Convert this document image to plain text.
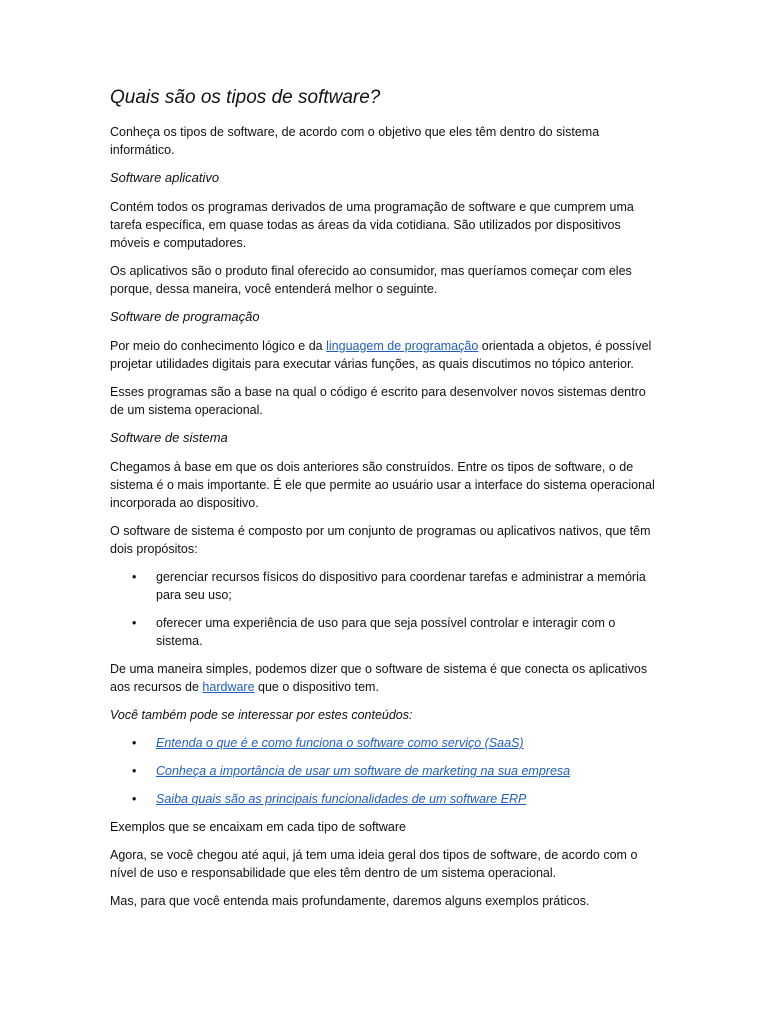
Quais são os tipos de software?

Conheça os tipos de software, de acordo com o objetivo que eles têm dentro do sistema informático.

Software aplicativo

Contém todos os programas derivados de uma programação de software e que cumprem uma tarefa específica, em quase todas as áreas da vida cotidiana. São utilizados por dispositivos móveis e computadores.

Os aplicativos são o produto final oferecido ao consumidor, mas queríamos começar com eles porque, dessa maneira, você entenderá melhor o seguinte.

Software de programação

Por meio do conhecimento lógico e da linguagem de programação orientada a objetos, é possível projetar utilidades digitais para executar várias funções, as quais discutimos no tópico anterior.

Esses programas são a base na qual o código é escrito para desenvolver novos sistemas dentro de um sistema operacional.

Software de sistema

Chegamos à base em que os dois anteriores são construídos. Entre os tipos de software, o de sistema é o mais importante. É ele que permite ao usuário usar a interface do sistema operacional incorporada ao dispositivo.

O software de sistema é composto por um conjunto de programas ou aplicativos nativos, que têm dois propósitos:

• gerenciar recursos físicos do dispositivo para coordenar tarefas e administrar a memória para seu uso;
• oferecer uma experiência de uso para que seja possível controlar e interagir com o sistema.

De uma maneira simples, podemos dizer que o software de sistema é que conecta os aplicativos aos recursos de hardware que o dispositivo tem.

Você também pode se interessar por estes conteúdos:

• Entenda o que é e como funciona o software como serviço (SaaS)
• Conheça a importância de usar um software de marketing na sua empresa
• Saiba quais são as principais funcionalidades de um software ERP

Exemplos que se encaixam em cada tipo de software

Agora, se você chegou até aqui, já tem uma ideia geral dos tipos de software, de acordo com o nível de uso e responsabilidade que eles têm dentro de um sistema operacional.

Mas, para que você entenda mais profundamente, daremos alguns exemplos práticos.
